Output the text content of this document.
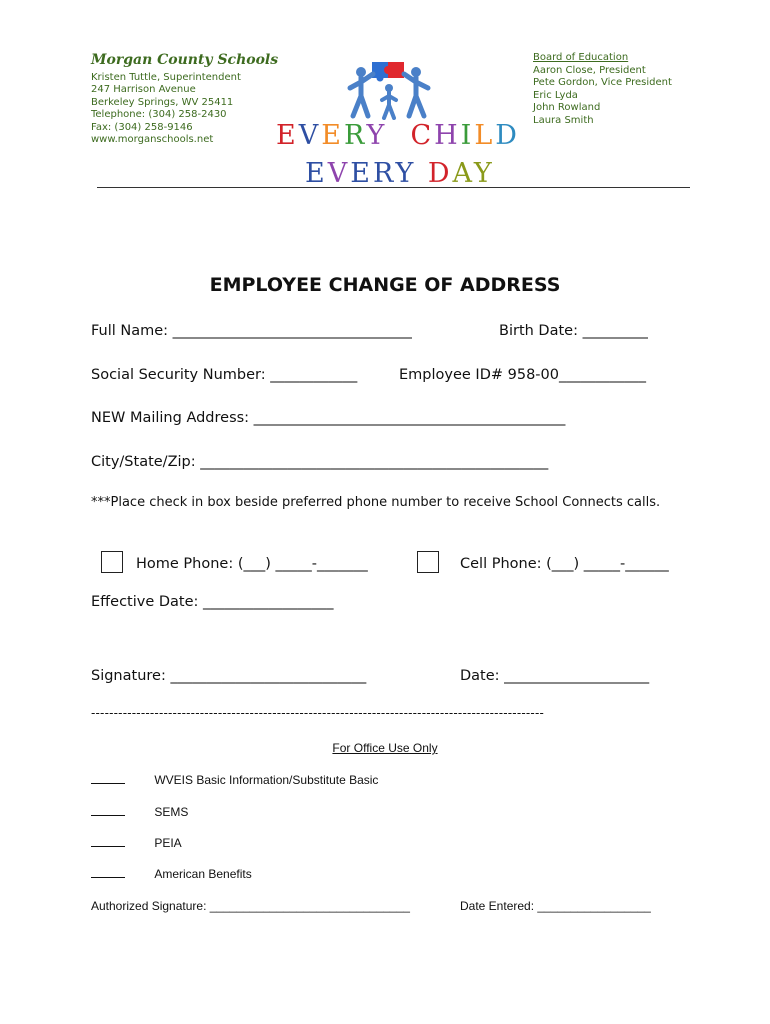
Morgan County Schools
Kristen Tuttle, Superintendent
247 Harrison Avenue
Berkeley Springs, WV 25411
Telephone: (304) 258-2430
Fax: (304) 258-9146
www.morganschools.net
Board of Education
Aaron Close, President
Pete Gordon, Vice President
Eric Lyda
John Rowland
Laura Smith
EVERY CHILD
EVERY DAY
EMPLOYEE CHANGE OF ADDRESS
Full Name: _________________________________	Birth Date: _________
Social Security Number: ____________	Employee ID# 958-00____________
NEW Mailing Address: ___________________________________________
City/State/Zip: ________________________________________________
***Place check in box beside preferred phone number to receive School Connects calls.
Home Phone: (___) _____-_______	Cell Phone: (___) _____-______
Effective Date: __________________
Signature: ___________________________	Date: ____________________
----------------------------------------------------------------------------------------------------
For Office Use Only
WVEIS Basic Information/Substitute Basic
SEMS
PEIA
American Benefits
Authorized Signature: ______________________________	Date Entered: _________________
